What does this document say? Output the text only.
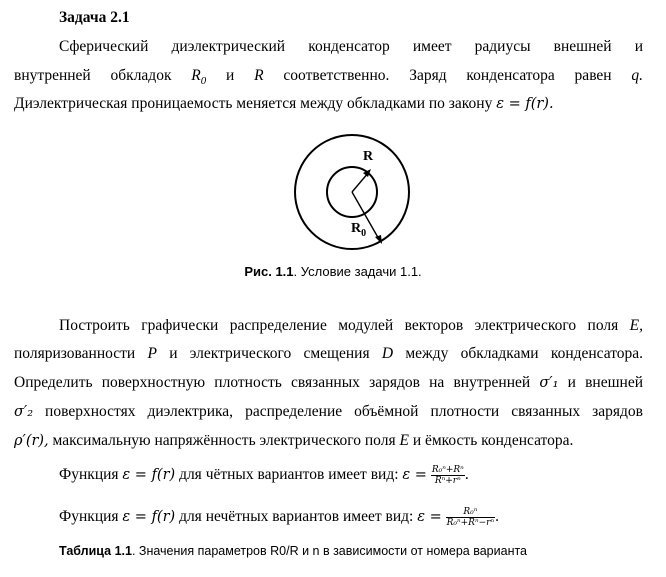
Задача 2.1
Сферический диэлектрический конденсатор имеет радиусы внешней и
внутренней обкладок $R_0$ и R соответственно. Заряд конденсатора равен q.
Диэлектрическая проницаемость меняется между обкладками по закону ε = f(r).
R
$R_0$
Рис. 1.1. Условие задачи 1.1.
Построить графически распределение модулей векторов электрического поля E,
поляризованности P и электрического смещения D между обкладками конденсатора.
Определить поверхностную плотность связанных зарядов на внутренней σ′₁ и внешней
σ′₂ поверхностях диэлектрика, распределение объёмной плотности связанных зарядов
ρ′(r), максимальную напряжённость электрического поля E и ёмкость конденсатора.
Функция ε = f(r) для чётных вариантов имеет вид: $\varepsilon = \frac{\text{R₀ⁿ+Rⁿ}}{\text{Rⁿ+rⁿ}}$ .
Функция ε = f(r) для нечётных вариантов имеет вид: $\varepsilon = \frac{\text{R₀ⁿ}}{\text{R₀ⁿ+Rⁿ−rⁿ}}$ .
Таблица 1.1. Значения параметров R0/R и n в зависимости от номера варианта
